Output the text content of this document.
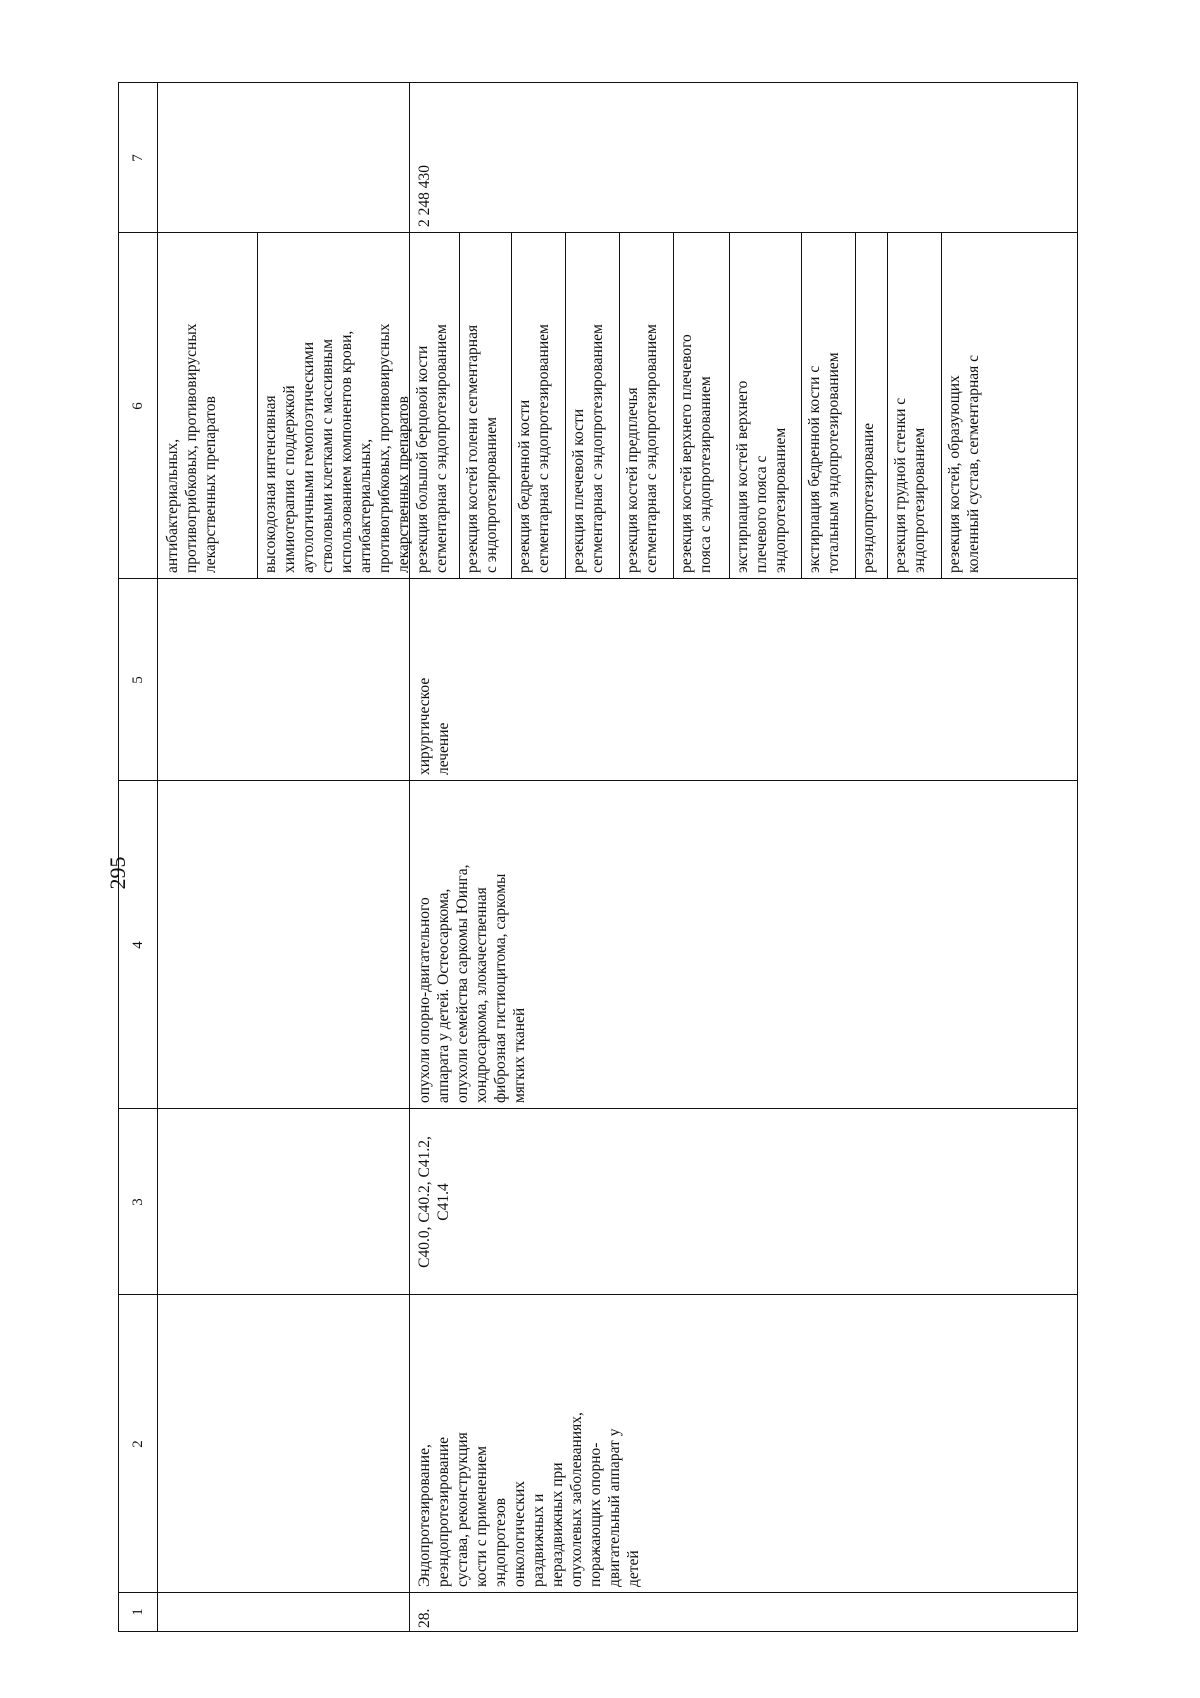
295
1
2
3
4
5
6
7
антибактериальных, противогрибковых, противовирусных лекарственных препаратов	высокодозная интенсивная химиотерапия с поддержкой аутологичными гемопоэтическими стволовыми клетками с массивным использованием компонентов крови, антибактериальных, противогрибковых, противовирусных лекарственных препаратов
28.
Эндопротезирование, реэндопротезирование сустава, реконструкция кости с применением эндопротезов онкологических раздвижных и нераздвижных при опухолевых заболеваниях, поражающих опорно- двигательный аппарат у детей
C40.0, C40.2, C41.2, C41.4
опухоли опорно-двигательного аппарата у детей. Остеосаркома, опухоли семейства саркомы Юинга, хондросаркома, злокачественная фиброзная гистиоцитома, саркомы мягких тканей
хирургическое лечение
2 248 430
резекция большой берцовой кости сегментарная с эндопротезированием резекция костей голени сегментарная с эндопротезированием резекция бедренной кости сегментарная с эндопротезированием резекция плечевой кости сегментарная с эндопротезированием резекция костей предплечья сегментарная с эндопротезированием резекция костей верхнего плечевого пояса с эндопротезированием экстирпация костей верхнего плечевого пояса с эндопротезированием экстирпация бедренной кости с тотальным эндопротезированием реэндопротезирование резекция грудной стенки с эндопротезированием резекция костей, образующих коленный сустав, сегментарная с
